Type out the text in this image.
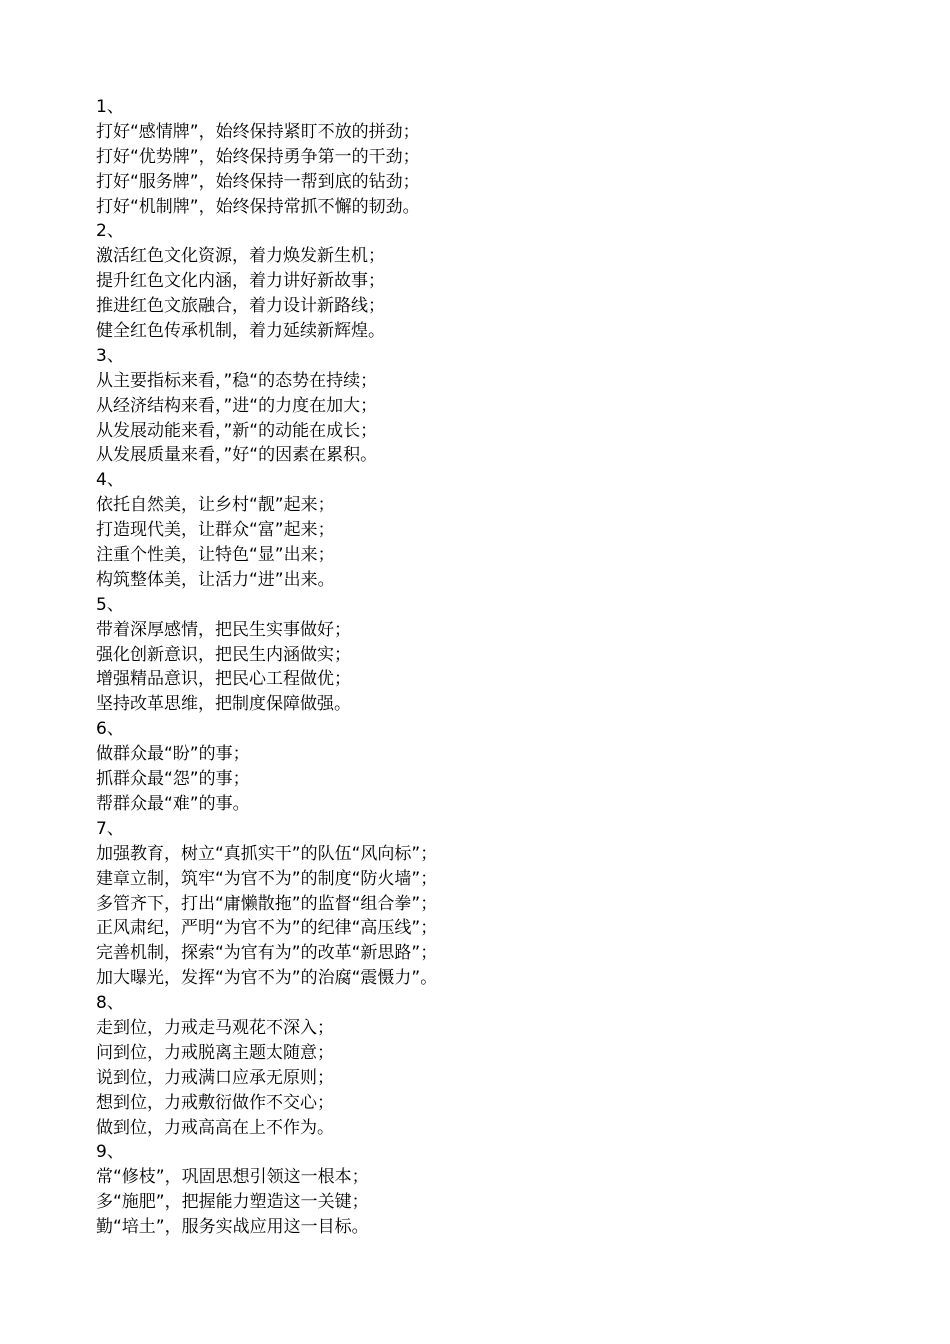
1、
打好“感情牌”，始终保持紧盯不放的拼劲；
打好“优势牌”，始终保持勇争第一的干劲；
打好“服务牌”，始终保持一帮到底的钻劲；
打好“机制牌”，始终保持常抓不懈的韧劲。
2、
激活红色文化资源，着力焕发新生机；
提升红色文化内涵，着力讲好新故事；
推进红色文旅融合，着力设计新路线；
健全红色传承机制，着力延续新辉煌。
3、
从主要指标来看，”稳“的态势在持续；
从经济结构来看，”进“的力度在加大；
从发展动能来看，”新“的动能在成长；
从发展质量来看，”好“的因素在累积。
4、
依托自然美，让乡村“靓”起来；
打造现代美，让群众“富”起来；
注重个性美，让特色“显”出来；
构筑整体美，让活力“进”出来。
5、
带着深厚感情，把民生实事做好；
强化创新意识，把民生内涵做实；
增强精品意识，把民心工程做优；
坚持改革思维，把制度保障做强。
6、
做群众最“盼”的事；
抓群众最“怨”的事；
帮群众最“难”的事。
7、
加强教育，树立“真抓实干”的队伍“风向标”；
建章立制，筑牢“为官不为”的制度“防火墙”；
多管齐下，打出“庸懒散拖”的监督“组合拳”；
正风肃纪，严明“为官不为”的纪律“高压线”；
完善机制，探索“为官有为”的改革“新思路”；
加大曝光，发挥“为官不为”的治腐“震慑力”。
8、
走到位，力戒走马观花不深入；
问到位，力戒脱离主题太随意；
说到位，力戒满口应承无原则；
想到位，力戒敷衍做作不交心；
做到位，力戒高高在上不作为。
9、
常“修枝”，巩固思想引领这一根本；
多“施肥”，把握能力塑造这一关键；
勤“培土”，服务实战应用这一目标。
